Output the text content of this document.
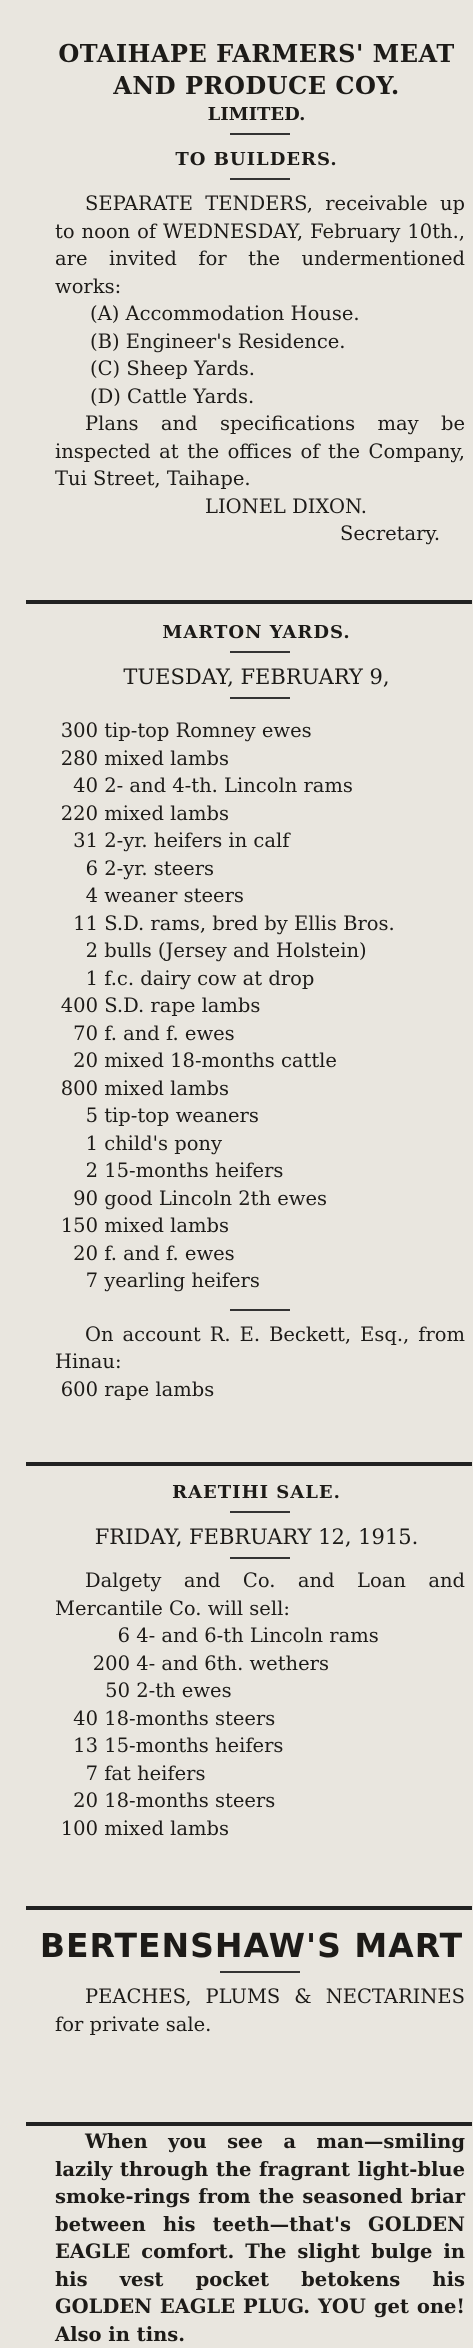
OTAIHAPE FARMERS' MEAT
AND PRODUCE COY.
LIMITED.
TO BUILDERS.
SEPARATE TENDERS, receivable up to noon of WEDNESDAY, February 10th., are invited for the undermentioned works:
(A) Accommodation House.
(B) Engineer's Residence.
(C) Sheep Yards.
(D) Cattle Yards.
Plans and specifications may be inspected at the offices of the Company, Tui Street, Taihape.
LIONEL DIXON.
Secretary.
MARTON YARDS.
TUESDAY, FEBRUARY 9,
300 tip-top Romney ewes
280 mixed lambs
40 2- and 4-th. Lincoln rams
220 mixed lambs
31 2-yr. heifers in calf
6 2-yr. steers
4 weaner steers
11 S.D. rams, bred by Ellis Bros.
2 bulls (Jersey and Holstein)
1 f.c. dairy cow at drop
400 S.D. rape lambs
70 f. and f. ewes
20 mixed 18-months cattle
800 mixed lambs
5 tip-top weaners
1 child's pony
2 15-months heifers
90 good Lincoln 2th ewes
150 mixed lambs
20 f. and f. ewes
7 yearling heifers
On account R. E. Beckett, Esq., from Hinau:
600 rape lambs
RAETIHI SALE.
FRIDAY, FEBRUARY 12, 1915.
Dalgety and Co. and Loan and Mercantile Co. will sell:
6 4- and 6-th Lincoln rams
200 4- and 6th. wethers
50 2-th ewes
40 18-months steers
13 15-months heifers
7 fat heifers
20 18-months steers
100 mixed lambs
BERTENSHAW'S MART
PEACHES, PLUMS & NECTARINES for private sale.
When you see a man—smiling lazily through the fragrant light-blue smoke-rings from the seasoned briar between his teeth—that's GOLDEN EAGLE comfort. The slight bulge in his vest pocket betokens his GOLDEN EAGLE PLUG. YOU get one! Also in tins.
